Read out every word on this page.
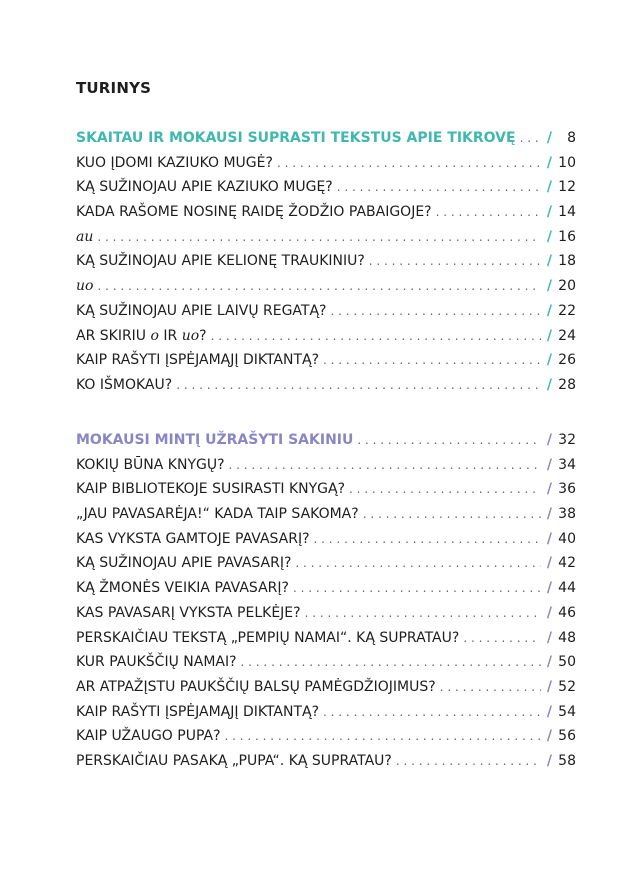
TURINYS
SKAITAU IR MOKAUSI SUPRASTI TEKSTUS APIE TIKROVĘ . . . /	8
KUO ĮDOMI KAZIUKO MUGĖ? . . .	/ 10
KĄ SUŽINOJAU APIE KAZIUKO MUGĘ? . . .	/ 12
KADA RAŠOME NOSINĘ RAIDĘ ŽODŽIO PABAIGOJE? . . .	/ 14
au . . .	/ 16
KĄ SUŽINOJAU APIE KELIONĘ TRAUKINIU? . . .	/ 18
uo . . .	/ 20
KĄ SUŽINOJAU APIE LAIVŲ REGATĄ? . . .	/ 22
AR SKIRIU o IR uo? . . .	/ 24
KAIP RAŠYTI ĮSPĖJAMĄJĮ DIKTANTĄ? . . .	/ 26
KO IŠMOKAU? . . .	/ 28
MOKAUSI MINTĮ UŽRAŠYTI SAKINIU . . .	/ 32
KOKIŲ BŪNA KNYGŲ? . . .	/ 34
KAIP BIBLIOTEKOJE SUSIRASTI KNYGĄ? . . .	/ 36
„JAU PAVASARĖJA!“ KADA TAIP SAKOMA? . . .	/ 38
KAS VYKSTA GAMTOJE PAVASARĮ? . . .	/ 40
KĄ SUŽINOJAU APIE PAVASARĮ? . . .	/ 42
KĄ ŽMONĖS VEIKIA PAVASARĮ? . . .	/ 44
KAS PAVASARĮ VYKSTA PELKĖJE? . . .	/ 46
PERSKAIČIAU TEKSTĄ „PEMPIŲ NAMAI“. KĄ SUPRATAU? . . .	/ 48
KUR PAUKŠČIŲ NAMAI? . . .	/ 50
AR ATPAŽĮSTU PAUKŠČIŲ BALSŲ PAMĖGDŽIOJIMUS? . . .	/ 52
KAIP RAŠYTI ĮSPĖJAMĄJĮ DIKTANTĄ? . . .	/ 54
KAIP UŽAUGO PUPA? . . .	/ 56
PERSKAIČIAU PASAKĄ „PUPA“. KĄ SUPRATAU? . . .	/ 58
